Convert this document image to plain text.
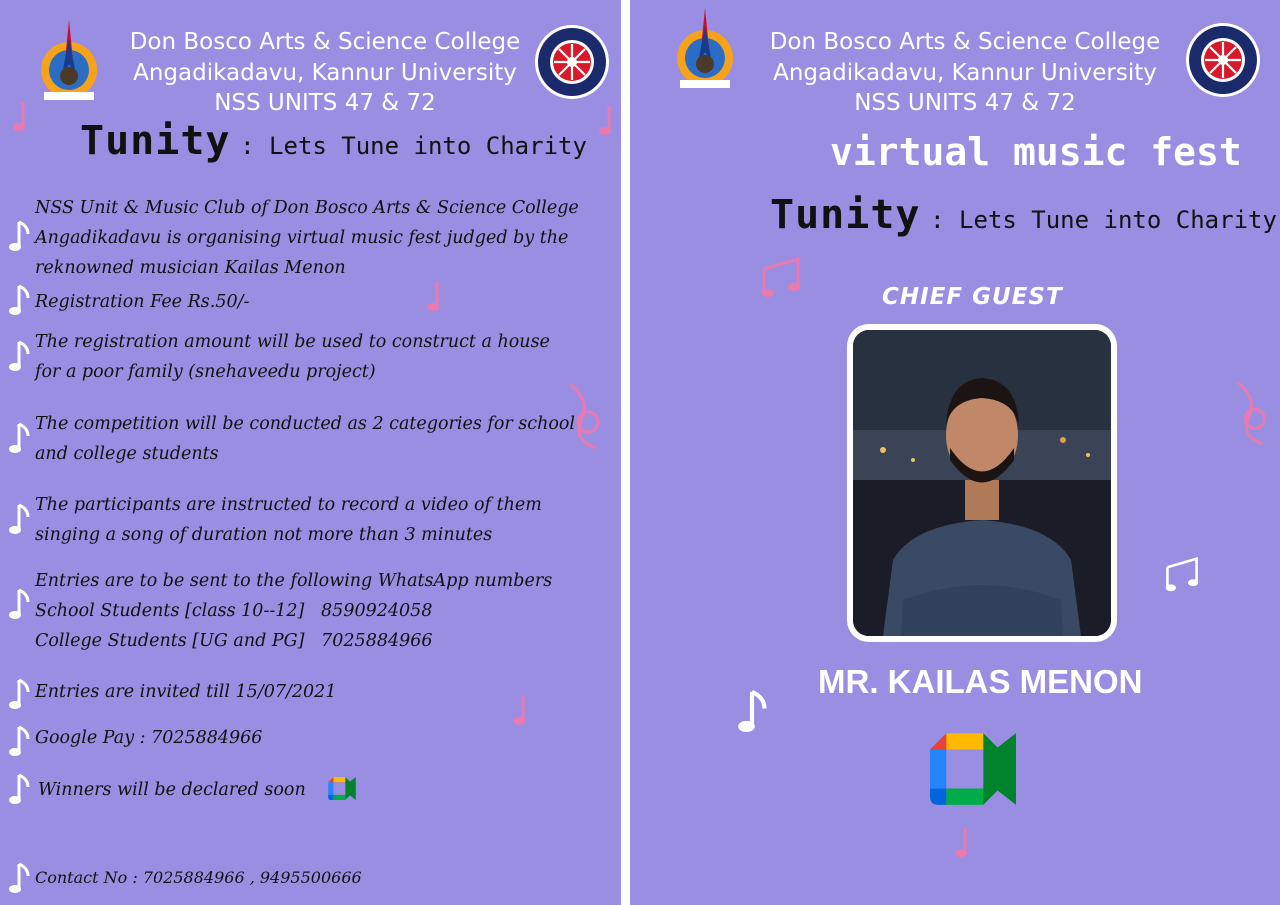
Don Bosco Arts & Science College
Angadikadavu, Kannur University
NSS UNITS 47 & 72
Tunity : Lets Tune into Charity
NSS Unit & Music Club of Don Bosco Arts & Science College
Angadikadavu is organising virtual music fest judged by the
reknowned musician Kailas Menon
Registration Fee Rs.50/-
The registration amount will be used to construct a house
for a poor family (snehaveedu project)
The competition will be conducted as 2 categories for school
and college students
The participants are instructed to record a video of them
singing a song of duration not more than 3 minutes
Entries are to be sent to the following WhatsApp numbers
School Students [class 10--12]   8590924058
College Students [UG and PG]   7025884966
Entries are invited till 15/07/2021
Google Pay : 7025884966
Winners will be declared soon
Contact No : 7025884966 , 9495500666
Don Bosco Arts & Science College
Angadikadavu, Kannur University
NSS UNITS 47 & 72
virtual music fest
Tunity : Lets Tune into Charity
CHIEF GUEST
MR. KAILAS MENON
